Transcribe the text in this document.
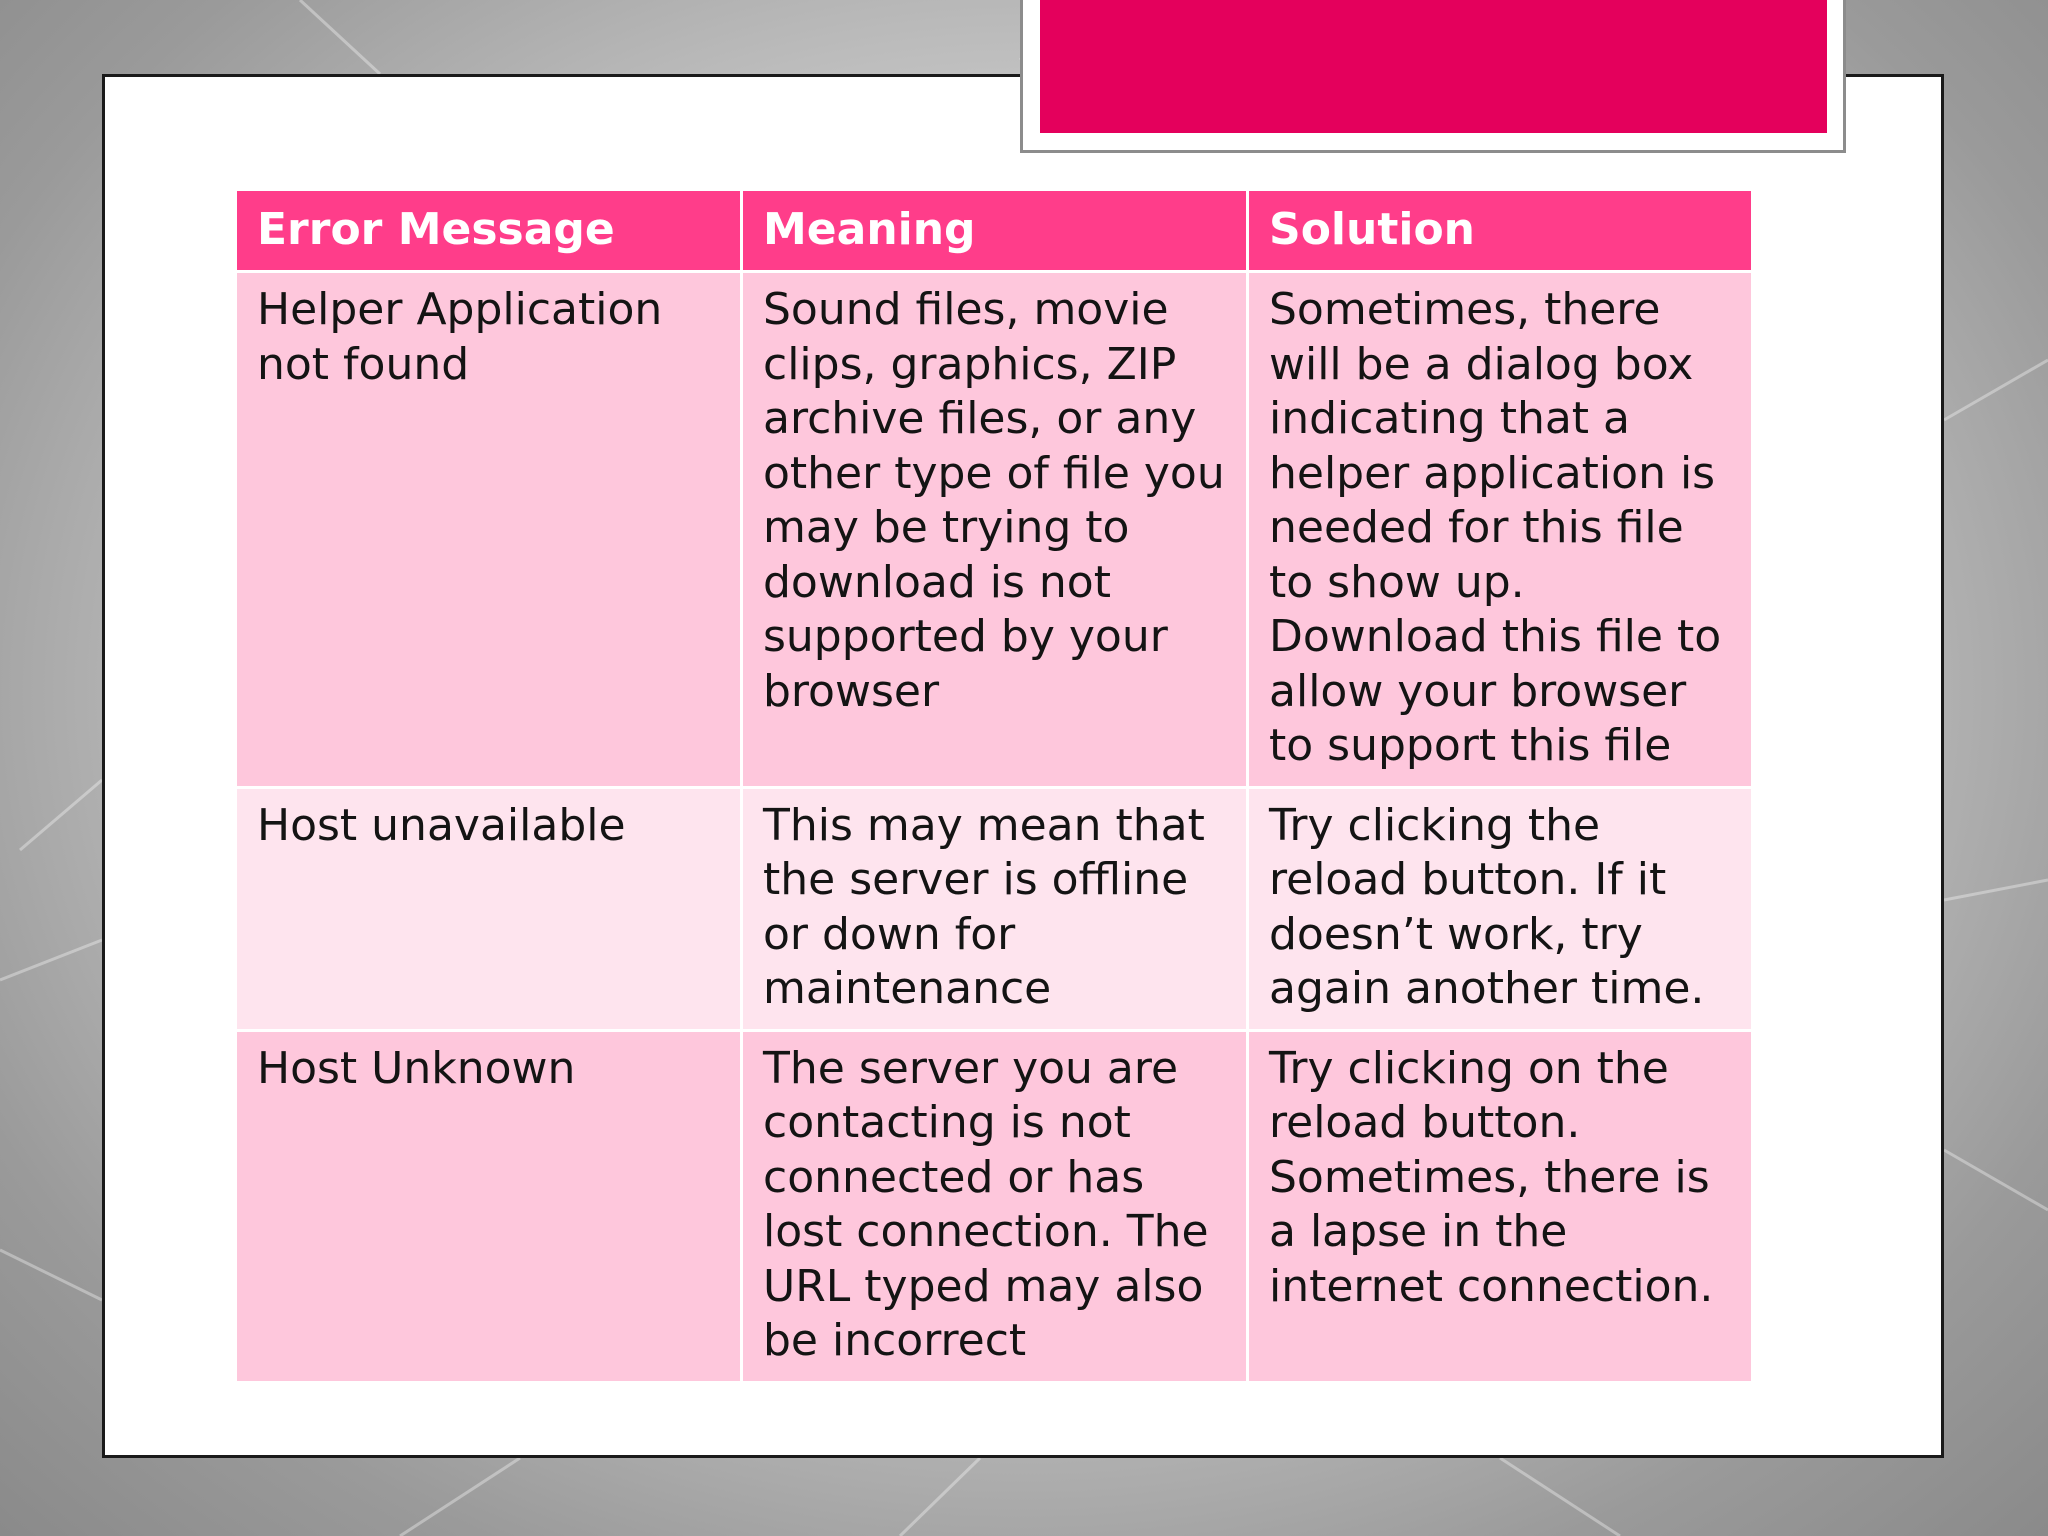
Error Message	Meaning	Solution
Helper Application not found	Sound files, movie clips, graphics, ZIP archive files, or any other type of file you may be trying to download is not supported by your browser	Sometimes, there will be a dialog box indicating that a helper application is needed for this file to show up. Download this file to allow your browser to support this file
Host unavailable	This may mean that the server is offline or down for maintenance	Try clicking the reload button. If it doesn’t work, try again another time.
Host Unknown	The server you are contacting is not connected or has lost connection. The URL typed may also be incorrect	Try clicking on the reload button. Sometimes, there is a lapse in the internet connection.
